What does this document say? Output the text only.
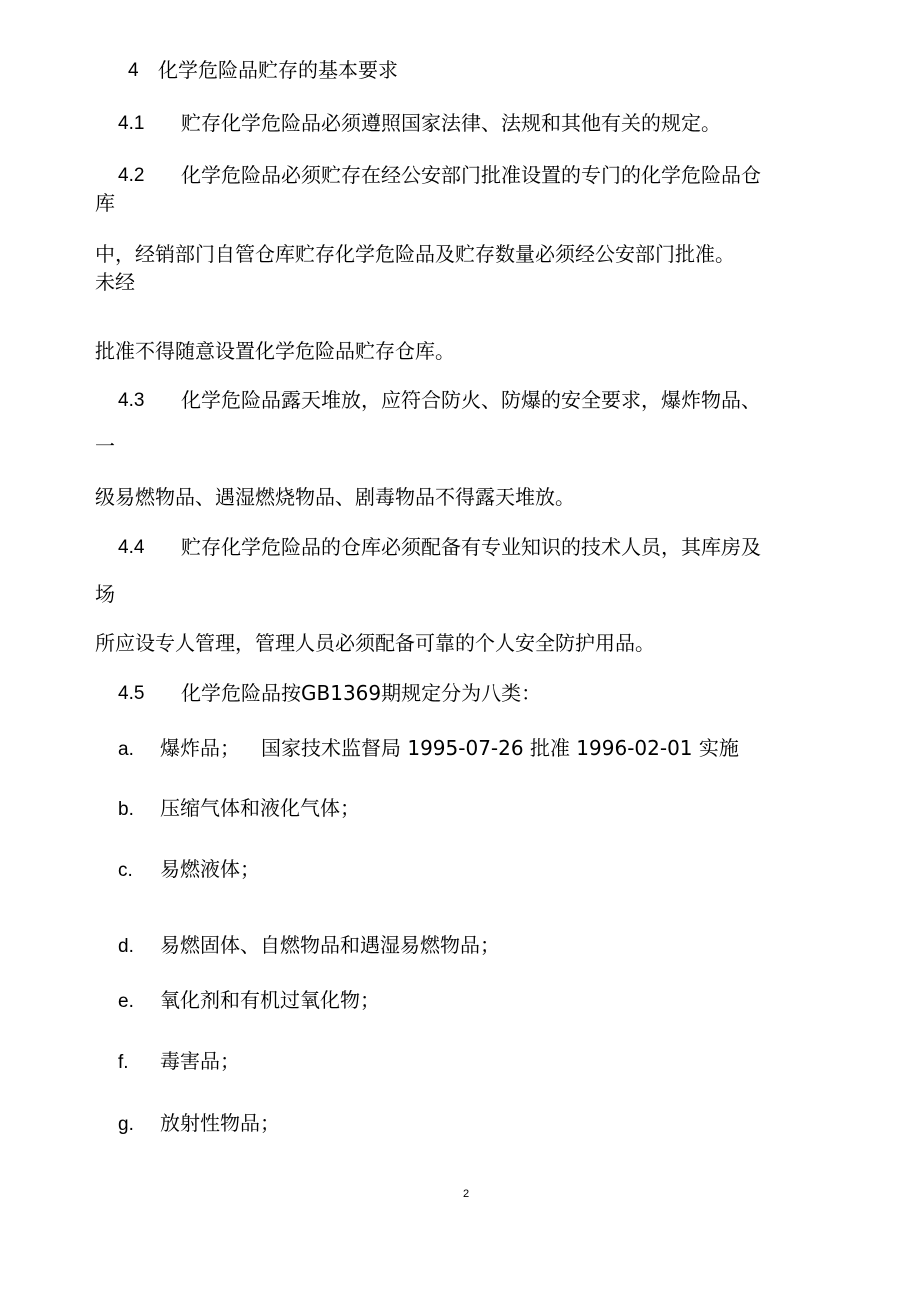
4 化学危险品贮存的基本要求
4.1 贮存化学危险品必须遵照国家法律、法规和其他有关的规定。
4.2 化学危险品必须贮存在经公安部门批准设置的专门的化学危险品仓
库
中，经销部门自管仓库贮存化学危险品及贮存数量必须经公安部门批准。
未经
批准不得随意设置化学危险品贮存仓库。
4.3 化学危险品露天堆放，应符合防火、防爆的安全要求，爆炸物品、
一
级易燃物品、遇湿燃烧物品、剧毒物品不得露天堆放。
4.4 贮存化学危险品的仓库必须配备有专业知识的技术人员，其库房及
场
所应设专人管理，管理人员必须配备可靠的个人安全防护用品。
4.5 化学危险品按GB1369期规定分为八类：
a. 爆炸品； 国家技术监督局 1995-07-26 批准 1996-02-01 实施
b. 压缩气体和液化气体；
c. 易燃液体；
d. 易燃固体、自燃物品和遇湿易燃物品；
e. 氧化剂和有机过氧化物；
f. 毒害品；
g. 放射性物品；
2
